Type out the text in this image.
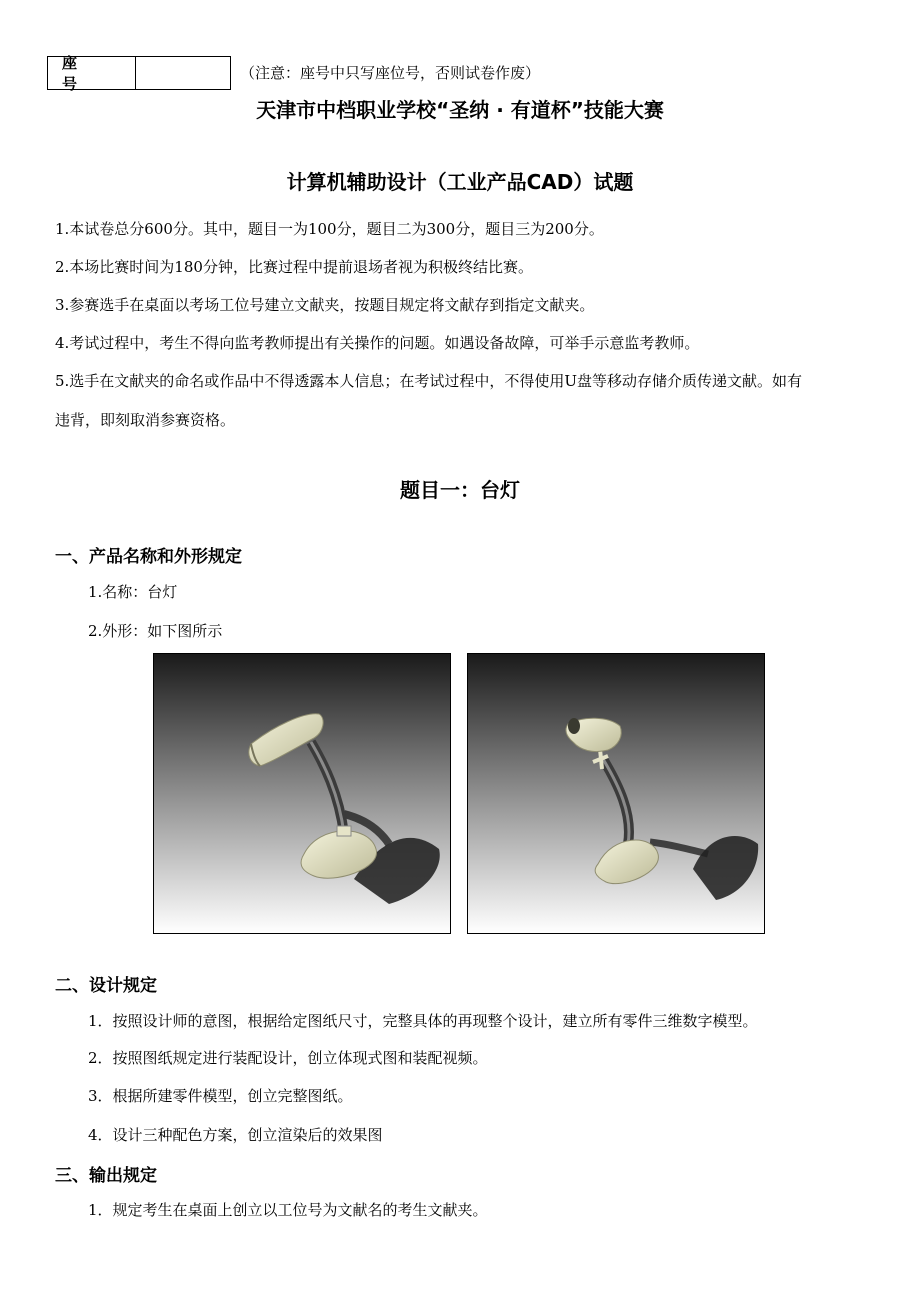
座 号
（注意：座号中只写座位号，否则试卷作废）
天津市中档职业学校“圣纳 · 有道杯”技能大赛
计算机辅助设计（工业产品CAD）试题
1.本试卷总分600分。其中，题目一为100分，题目二为300分，题目三为200分。
2.本场比赛时间为180分钟，比赛过程中提前退场者视为积极终结比赛。
3.参赛选手在桌面以考场工位号建立文献夹，按题目规定将文献存到指定文献夹。
4.考试过程中，考生不得向监考教师提出有关操作的问题。如遇设备故障，可举手示意监考教师。
5.选手在文献夹的命名或作品中不得透露本人信息；在考试过程中，不得使用U盘等移动存储介质传递文献。如有
违背，即刻取消参赛资格。
题目一：台灯
一、产品名称和外形规定
1.名称：台灯
2.外形：如下图所示
二、设计规定
1．按照设计师的意图，根据给定图纸尺寸，完整具体的再现整个设计，建立所有零件三维数字模型。
2．按照图纸规定进行装配设计，创立体现式图和装配视频。
3．根据所建零件模型，创立完整图纸。
4．设计三种配色方案，创立渲染后的效果图
三、输出规定
1．规定考生在桌面上创立以工位号为文献名的考生文献夹。
